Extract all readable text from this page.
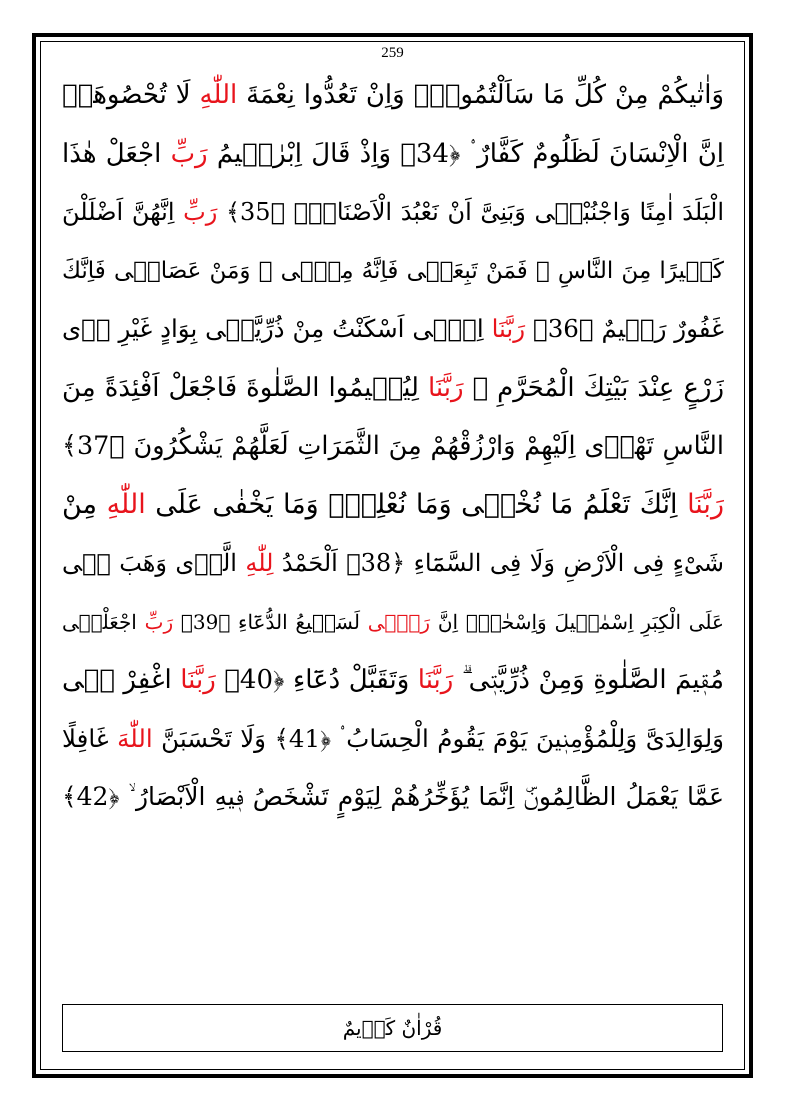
259
وَاٰتٰيكُمْ مِنْ كُلِّ مَا سَاَلْتُمُوهُۜ وَاِنْ تَعُدُّوا نِعْمَةَ اللّٰهِ لَا تُحْصُوهَاۜ
اِنَّ الْاِنْسَانَ لَظَلُومٌ كَفَّارٌ ۟ ﴿34﴾ وَاِذْ قَالَ اِبْرٰهٖيمُ رَبِّ اجْعَلْ هٰذَا
الْبَلَدَ اٰمِنًا وَاجْنُبْنٖى وَبَنِىَّ اَنْ نَعْبُدَ الْاَصْنَامَۜ ﴿35﴾ رَبِّ اِنَّهُنَّ اَضْلَلْنَ
كَثٖيرًا مِنَ النَّاسِ ۚ فَمَنْ تَبِعَنٖى فَاِنَّهُ مِنّٖى ۚ وَمَنْ عَصَانٖى فَاِنَّكَ
غَفُورٌ رَحٖيمٌ ﴿36﴾ رَبَّنَا اِنّٖى اَسْكَنْتُ مِنْ ذُرِّيَّتٖى بِوَادٍ غَيْرِ ذٖى
زَرْعٍ عِنْدَ بَيْتِكَ الْمُحَرَّمِ ۙ رَبَّنَا لِيُقٖيمُوا الصَّلٰوةَ فَاجْعَلْ اَفْئِدَةً مِنَ
النَّاسِ تَهْوٖى اِلَيْهِمْ وَارْزُقْهُمْ مِنَ الثَّمَرَاتِ لَعَلَّهُمْ يَشْكُرُونَ ﴿37﴾
رَبَّنَا اِنَّكَ تَعْلَمُ مَا نُخْفٖى وَمَا نُعْلِنُۜ وَمَا يَخْفٰى عَلَى اللّٰهِ مِنْ
شَیْءٍ فِى الْاَرْضِ وَلَا فِى السَّمَٓاءِ ﴿38﴾ اَلْحَمْدُ لِلّٰهِ الَّذٖى وَهَبَ لٖى
عَلَى الْكِبَرِ اِسْمٰعٖيلَ وَاِسْحٰقَۜ اِنَّ رَبّٖى لَسَمٖيعُ الدُّعَٓاءِ ﴿39﴾ رَبِّ اجْعَلْنٖى
مُقٖيمَ الصَّلٰوةِ وَمِنْ ذُرِّيَّتٖى ۗ رَبَّنَا وَتَقَبَّلْ دُعَٓاءِ ﴿40﴾ رَبَّنَا اغْفِرْ لٖى
وَلِوَالِدَىَّ وَلِلْمُؤْمِنٖينَ يَوْمَ يَقُومُ الْحِسَابُ ۟ ﴿41﴾ وَلَا تَحْسَبَنَّ اللّٰهَ غَافِلًا
عَمَّا يَعْمَلُ الظَّالِمُونَۜ اِنَّمَا يُؤَخِّرُهُمْ لِيَوْمٍ تَشْخَصُ فٖيهِ الْاَبْصَارُ ۙ ﴿42﴾
قُرْاٰنٌ كَرٖيمٌ
